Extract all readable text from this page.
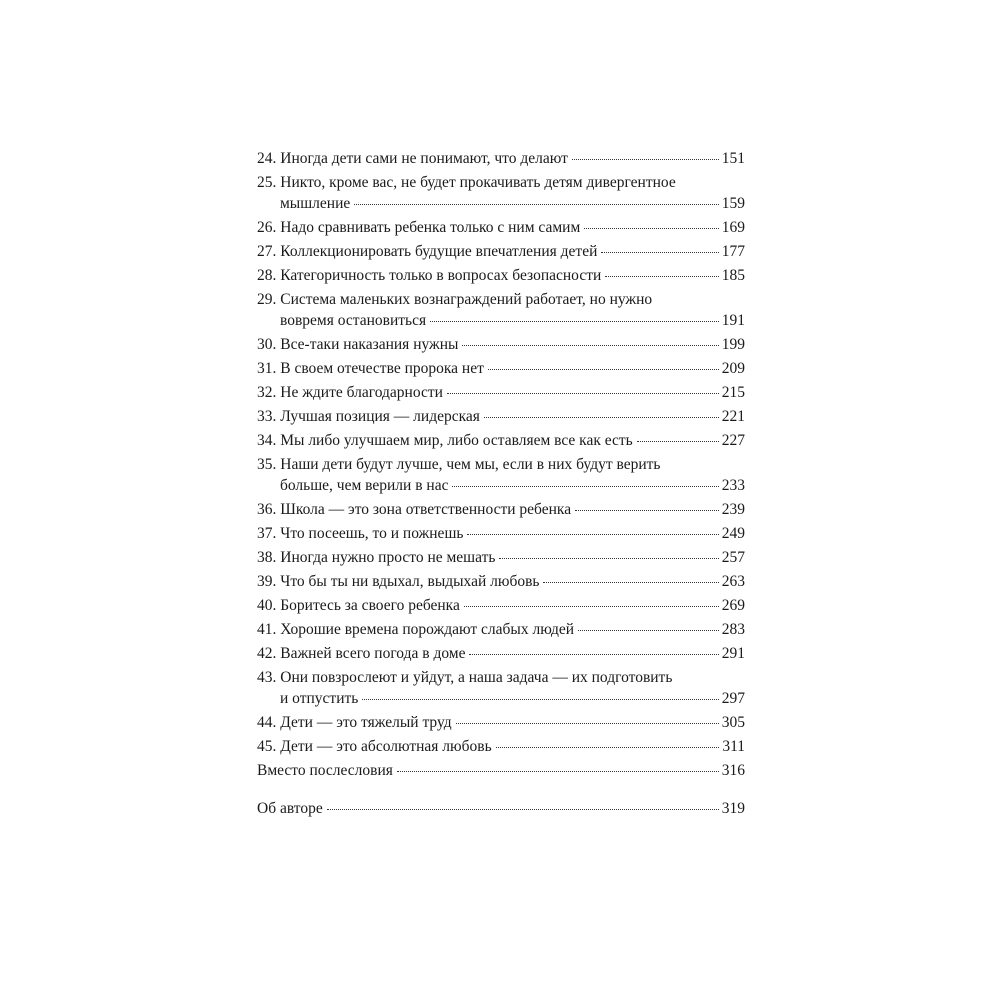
24. Иногда дети сами не понимают, что делают	151
25. Никто, кроме вас, не будет прокачивать детям дивергентное
мышление	159
26. Надо сравнивать ребенка только с ним самим	169
27. Коллекционировать будущие впечатления детей	177
28. Категоричность только в вопросах безопасности	185
29. Система маленьких вознаграждений работает, но нужно
вовремя остановиться	191
30. Все-таки наказания нужны	199
31. В своем отечестве пророка нет	209
32. Не ждите благодарности	215
33. Лучшая позиция — лидерская	221
34. Мы либо улучшаем мир, либо оставляем все как есть	227
35. Наши дети будут лучше, чем мы, если в них будут верить
больше, чем верили в нас	233
36. Школа — это зона ответственности ребенка	239
37. Что посеешь, то и пожнешь	249
38. Иногда нужно просто не мешать	257
39. Что бы ты ни вдыхал, выдыхай любовь	263
40. Боритесь за своего ребенка	269
41. Хорошие времена порождают слабых людей	283
42. Важней всего погода в доме	291
43. Они повзрослеют и уйдут, а наша задача — их подготовить
и отпустить	297
44. Дети — это тяжелый труд	305
45. Дети — это абсолютная любовь	311
Вместо послесловия	316
Об авторе	319
